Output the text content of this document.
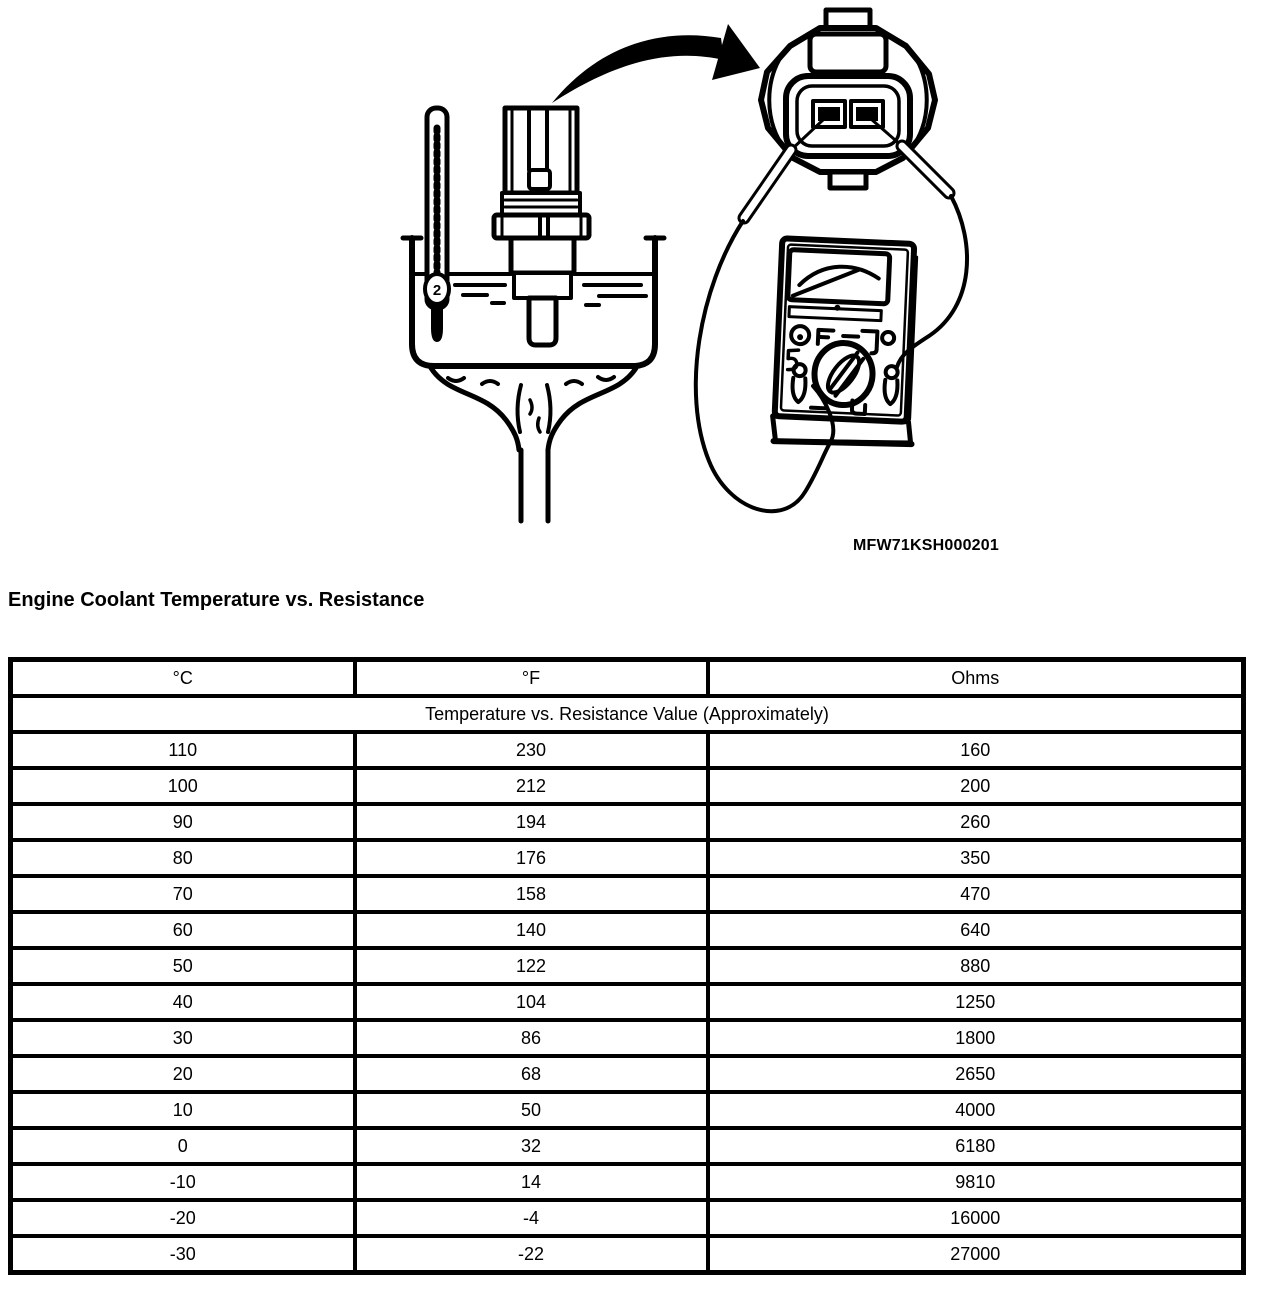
2
MFW71KSH000201
Engine Coolant Temperature vs. Resistance
°C	°F	Ohms
Temperature vs. Resistance Value (Approximately)		
110	230	160
100	212	200
90	194	260
80	176	350
70	158	470
60	140	640
50	122	880
40	104	1250
30	86	1800
20	68	2650
10	50	4000
0	32	6180
-10	14	9810
-20	-4	16000
-30	-22	27000
